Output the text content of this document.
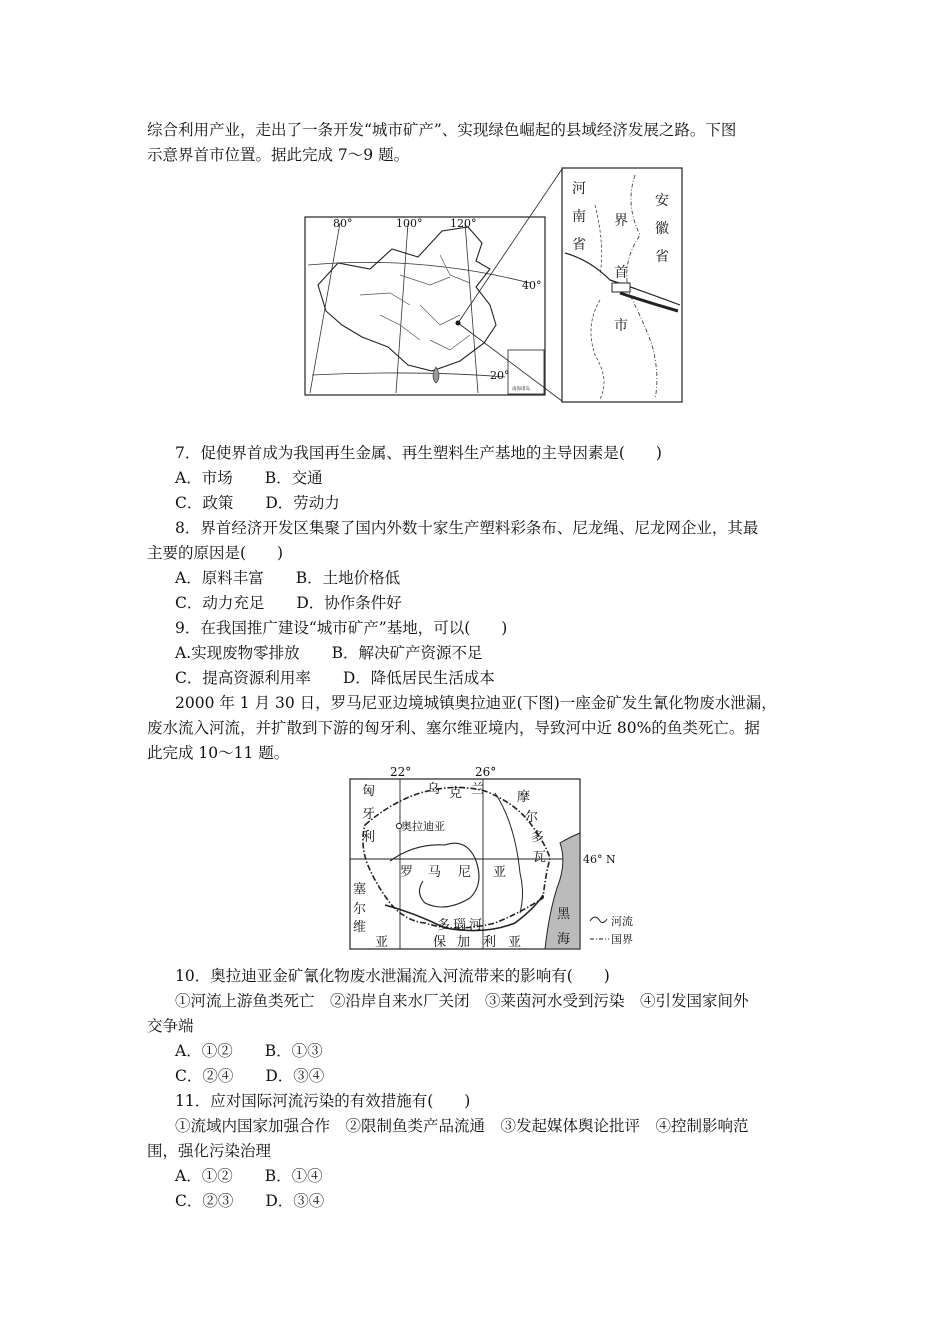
综合利用产业，走出了一条开发“城市矿产”、实现绿色崛起的县域经济发展之路。下图
示意界首市位置。据此完成 7～9 题。
南海诸岛
80°	100°	120°
40°
20°
河
南
省
安
徽
省
界
首
市
7．促使界首成为我国再生金属、再生塑料生产基地的主导因素是(　　)
A．市场 B．交通
C．政策 D．劳动力
8．界首经济开发区集聚了国内外数十家生产塑料彩条布、尼龙绳、尼龙网企业，其最
主要的原因是(　　)
A．原料丰富 B．土地价格低
C．动力充足 D．协作条件好
9．在我国推广建设“城市矿产”基地，可以(　　)
A.实现废物零排放 B．解决矿产资源不足
C．提高资源利用率 D．降低居民生活成本
2000 年 1 月 30 日，罗马尼亚边境城镇奥拉迪亚(下图)一座金矿发生氰化物废水泄漏，
废水流入河流，并扩散到下游的匈牙利、塞尔维亚境内，导致河中近 80%的鱼类死亡。据
此完成 10～11 题。
奥拉迪亚
22°	26°
46° N
匈
牙
利
乌 克 兰
摩
尔
多
瓦
罗 马 尼 亚
塞
尔
维
亚
多 瑙 河
保 加 利 亚
黑
海
河流
国界
10．奥拉迪亚金矿氰化物废水泄漏流入河流带来的影响有(　　)
①河流上游鱼类死亡　②沿岸自来水厂关闭　③莱茵河水受到污染　④引发国家间外
交争端
A．①② B．①③
C．②④ D．③④
11．应对国际河流污染的有效措施有(　　)
①流域内国家加强合作　②限制鱼类产品流通　③发起媒体舆论批评　④控制影响范
围，强化污染治理
A．①② B．①④
C．②③ D．③④
